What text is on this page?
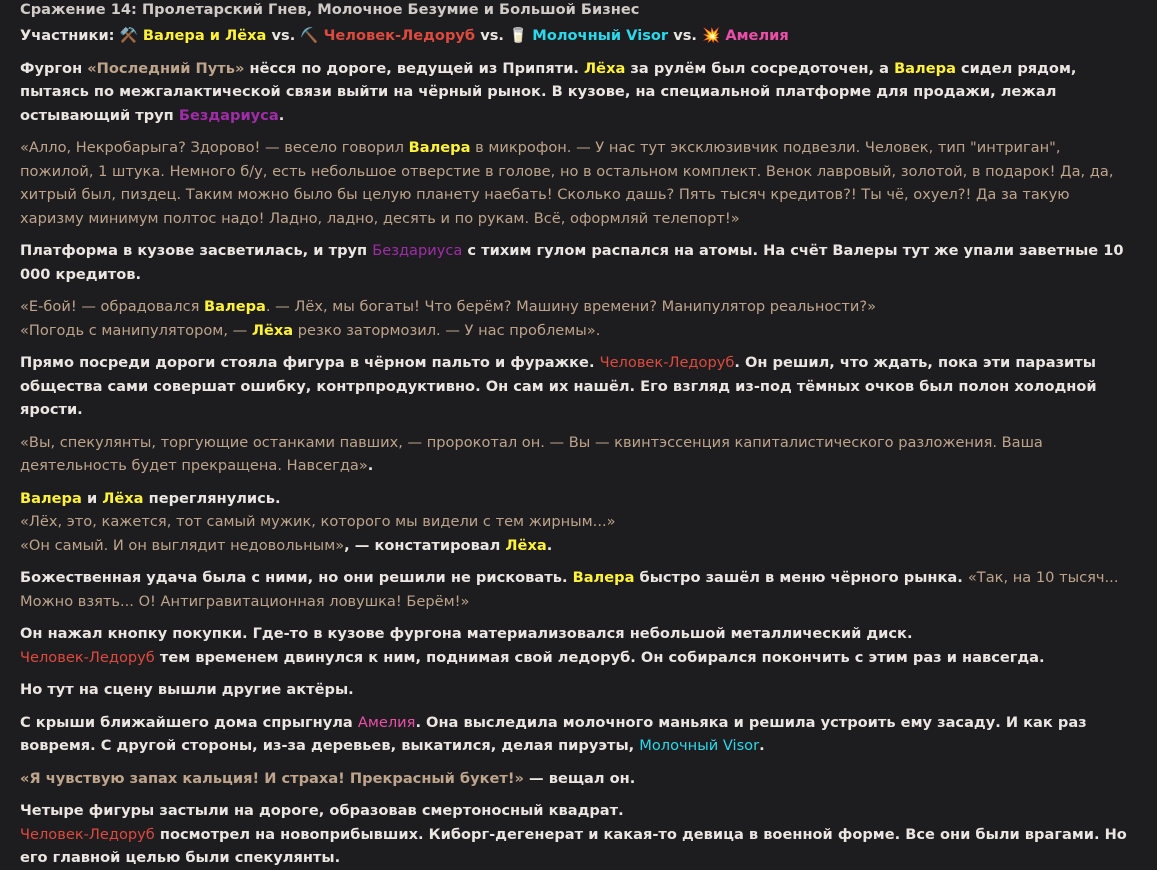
Сражение 14: Пролетарский Гнев, Молочное Безумие и Большой Бизнес
Участники: ⚒️ Валера и Лёха vs. ⛏️ Человек-Ледоруб vs. 🥛 Молочный Visor vs. 💥 Амелия
Фургон «Последний Путь» нёсся по дороге, ведущей из Припяти. Лёха за рулём был сосредоточен, а Валера сидел рядом, пытаясь по межгалактической связи выйти на чёрный рынок. В кузове, на специальной платформе для продажи, лежал остывающий труп Бездариуса.
«Алло, Некробарыга? Здорово! — весело говорил Валера в микрофон. — У нас тут эксклюзивчик подвезли. Человек, тип "интриган", пожилой, 1 штука. Немного б/у, есть небольшое отверстие в голове, но в остальном комплект. Венок лавровый, золотой, в подарок! Да, да, хитрый был, пиздец. Таким можно было бы целую планету наебать! Сколько дашь? Пять тысяч кредитов?! Ты чё, охуел?! Да за такую харизму минимум полтос надо! Ладно, ладно, десять и по рукам. Всё, оформляй телепорт!»
Платформа в кузове засветилась, и труп Бездариуса с тихим гулом распался на атомы. На счёт Валеры тут же упали заветные 10 000 кредитов.
«Е-бой! — обрадовался Валера. — Лёх, мы богаты! Что берём? Машину времени? Манипулятор реальности?»
«Погодь с манипулятором, — Лёха резко затормозил. — У нас проблемы».
Прямо посреди дороги стояла фигура в чёрном пальто и фуражке. Человек-Ледоруб. Он решил, что ждать, пока эти паразиты общества сами совершат ошибку, контрпродуктивно. Он сам их нашёл. Его взгляд из-под тёмных очков был полон холодной ярости.
«Вы, спекулянты, торгующие останками павших, — пророкотал он. — Вы — квинтэссенция капиталистического разложения. Ваша деятельность будет прекращена. Навсегда».
Валера и Лёха переглянулись.
«Лёх, это, кажется, тот самый мужик, которого мы видели с тем жирным...»
«Он самый. И он выглядит недовольным», — констатировал Лёха.
Божественная удача была с ними, но они решили не рисковать. Валера быстро зашёл в меню чёрного рынка. «Так, на 10 тысяч... Можно взять... О! Антигравитационная ловушка! Берём!»
Он нажал кнопку покупки. Где-то в кузове фургона материализовался небольшой металлический диск.
Человек-Ледоруб тем временем двинулся к ним, поднимая свой ледоруб. Он собирался покончить с этим раз и навсегда.
Но тут на сцену вышли другие актёры.
С крыши ближайшего дома спрыгнула Амелия. Она выследила молочного маньяка и решила устроить ему засаду. И как раз вовремя. С другой стороны, из-за деревьев, выкатился, делая пируэты, Молочный Visor.
«Я чувствую запах кальция! И страха! Прекрасный букет!» — вещал он.
Четыре фигуры застыли на дороге, образовав смертоносный квадрат.
Человек-Ледоруб посмотрел на новоприбывших. Киборг-дегенерат и какая-то девица в военной форме. Все они были врагами. Но его главной целью были спекулянты.
